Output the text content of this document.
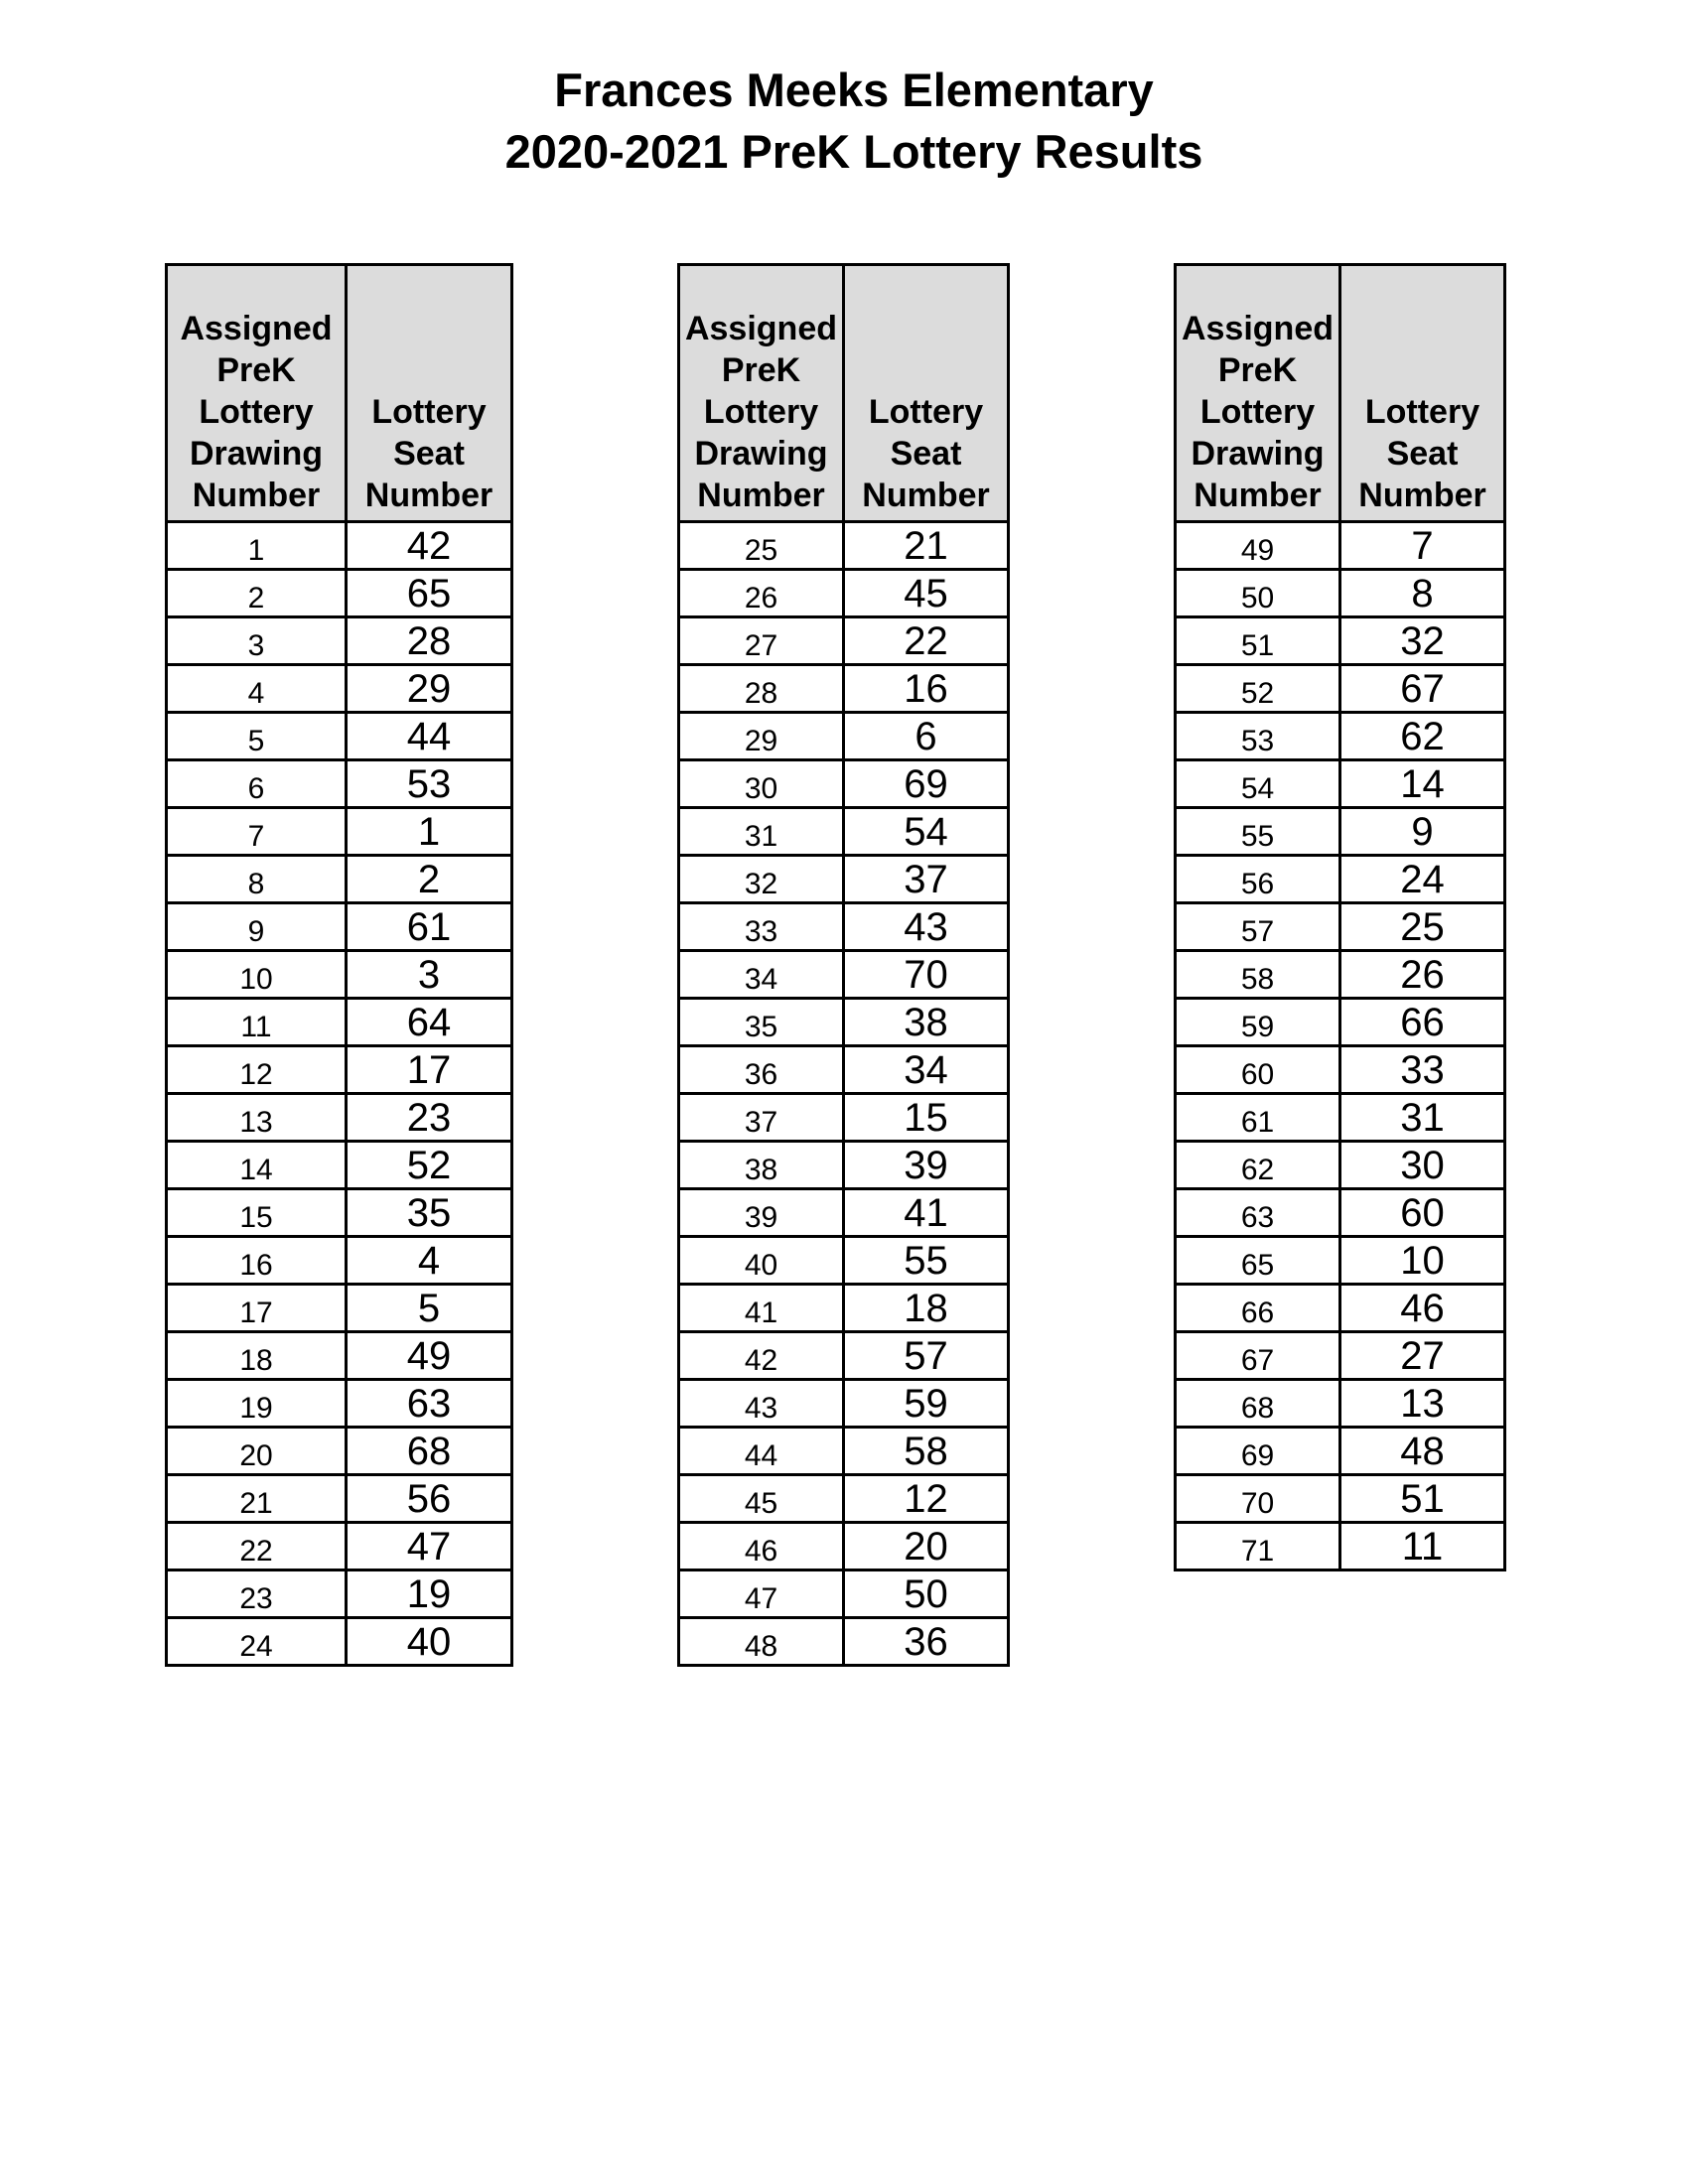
Frances Meeks Elementary

2020-2021 PreK Lottery Results

Assigned
PreK
Lottery
Drawing
Number	Lottery
Seat
Number

1	42
2	65
3	28
4	29
5	44
6	53
7	1
8	2
9	61
10	3
11	64
12	17
13	23
14	52
15	35
16	4
17	5
18	49
19	63
20	68
21	56
22	47
23	19
24	40
Assigned
PreK
Lottery
Drawing
Number	Lottery
Seat
Number

25	21
26	45
27	22
28	16
29	6
30	69
31	54
32	37
33	43
34	70
35	38
36	34
37	15
38	39
39	41
40	55
41	18
42	57
43	59
44	58
45	12
46	20
47	50
48	36
Assigned
PreK
Lottery
Drawing
Number	Lottery
Seat
Number

49	7
50	8
51	32
52	67
53	62
54	14
55	9
56	24
57	25
58	26
59	66
60	33
61	31
62	30
63	60
65	10
66	46
67	27
68	13
69	48
70	51
71	11
